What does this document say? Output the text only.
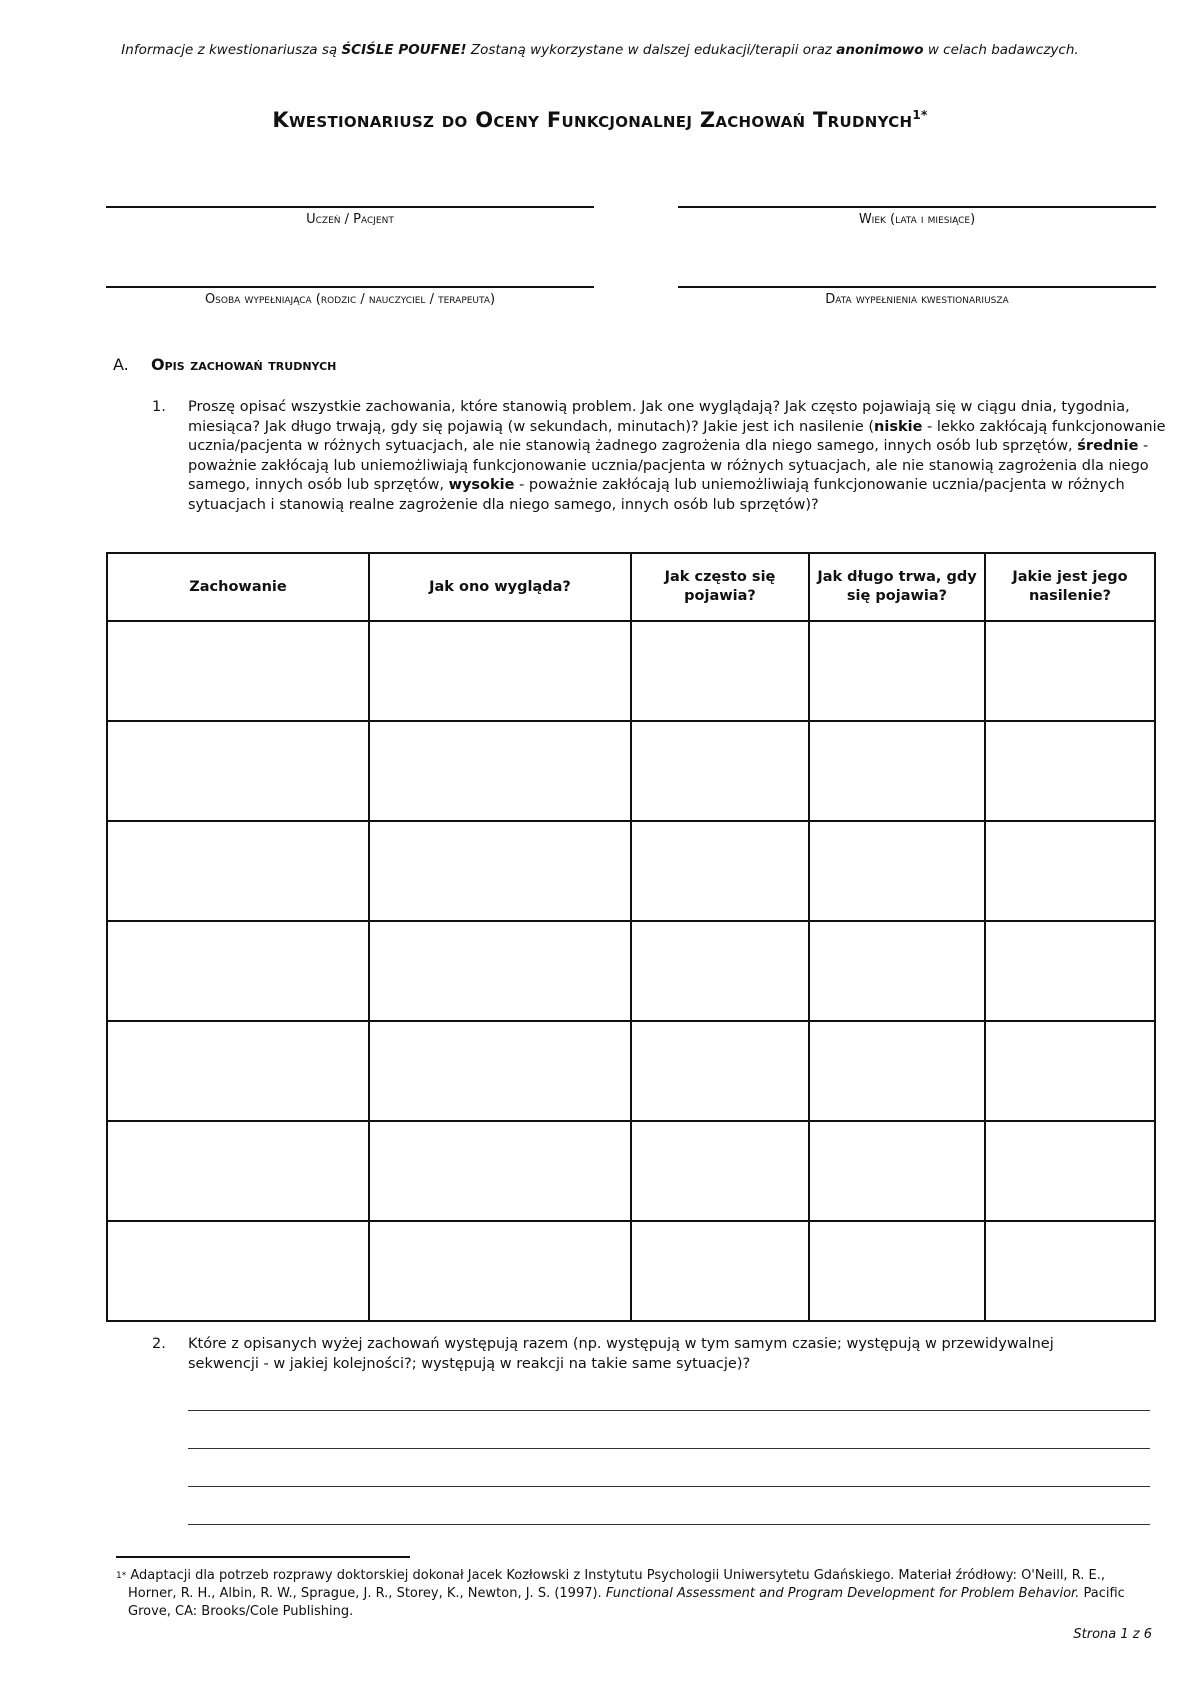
Informacje z kwestionariusza są ŚCIŚLE POUFNE! Zostaną wykorzystane w dalszej edukacji/terapii oraz anonimowo w celach badawczych.
Kwestionariusz do Oceny Funkcjonalnej Zachowań Trudnych$^{1*}$
Uczeń / Pacjent	Wiek (lata i miesiące)
Osoba wypełniająca (rodzic / nauczyciel / terapeuta)	Data wypełnienia kwestionariusza
A. Opis zachowań trudnych
1. Proszę opisać wszystkie zachowania, które stanowią problem. Jak one wyglądają? Jak często pojawiają się w ciągu dnia, tygodnia, miesiąca? Jak długo trwają, gdy się pojawią (w sekundach, minutach)? Jakie jest ich nasilenie (niskie - lekko zakłócają funkcjonowanie ucznia/pacjenta w różnych sytuacjach, ale nie stanowią żadnego zagrożenia dla niego samego, innych osób lub sprzętów, średnie - poważnie zakłócają lub uniemożliwiają funkcjonowanie ucznia/pacjenta w różnych sytuacjach, ale nie stanowią zagrożenia dla niego samego, innych osób lub sprzętów, wysokie - poważnie zakłócają lub uniemożliwiają funkcjonowanie ucznia/pacjenta w różnych sytuacjach i stanowią realne zagrożenie dla niego samego, innych osób lub sprzętów)?
Zachowanie	Jak ono wygląda?	Jak często się pojawia?	Jak długo trwa, gdy się pojawia?	Jakie jest jego nasilenie?

2. Które z opisanych wyżej zachowań występują razem (np. występują w tym samym czasie; występują w przewidywalnej sekwencji - w jakiej kolejności?; występują w reakcji na takie same sytuacje)?
$^{1*}$ Adaptacji dla potrzeb rozprawy doktorskiej dokonał Jacek Kozłowski z Instytutu Psychologii Uniwersytetu Gdańskiego. Materiał źródłowy: O'Neill, R. E., Horner, R. H., Albin, R. W., Sprague, J. R., Storey, K., Newton, J. S. (1997). Functional Assessment and Program Development for Problem Behavior. Pacific Grove, CA: Brooks/Cole Publishing.
Strona 1 z 6
